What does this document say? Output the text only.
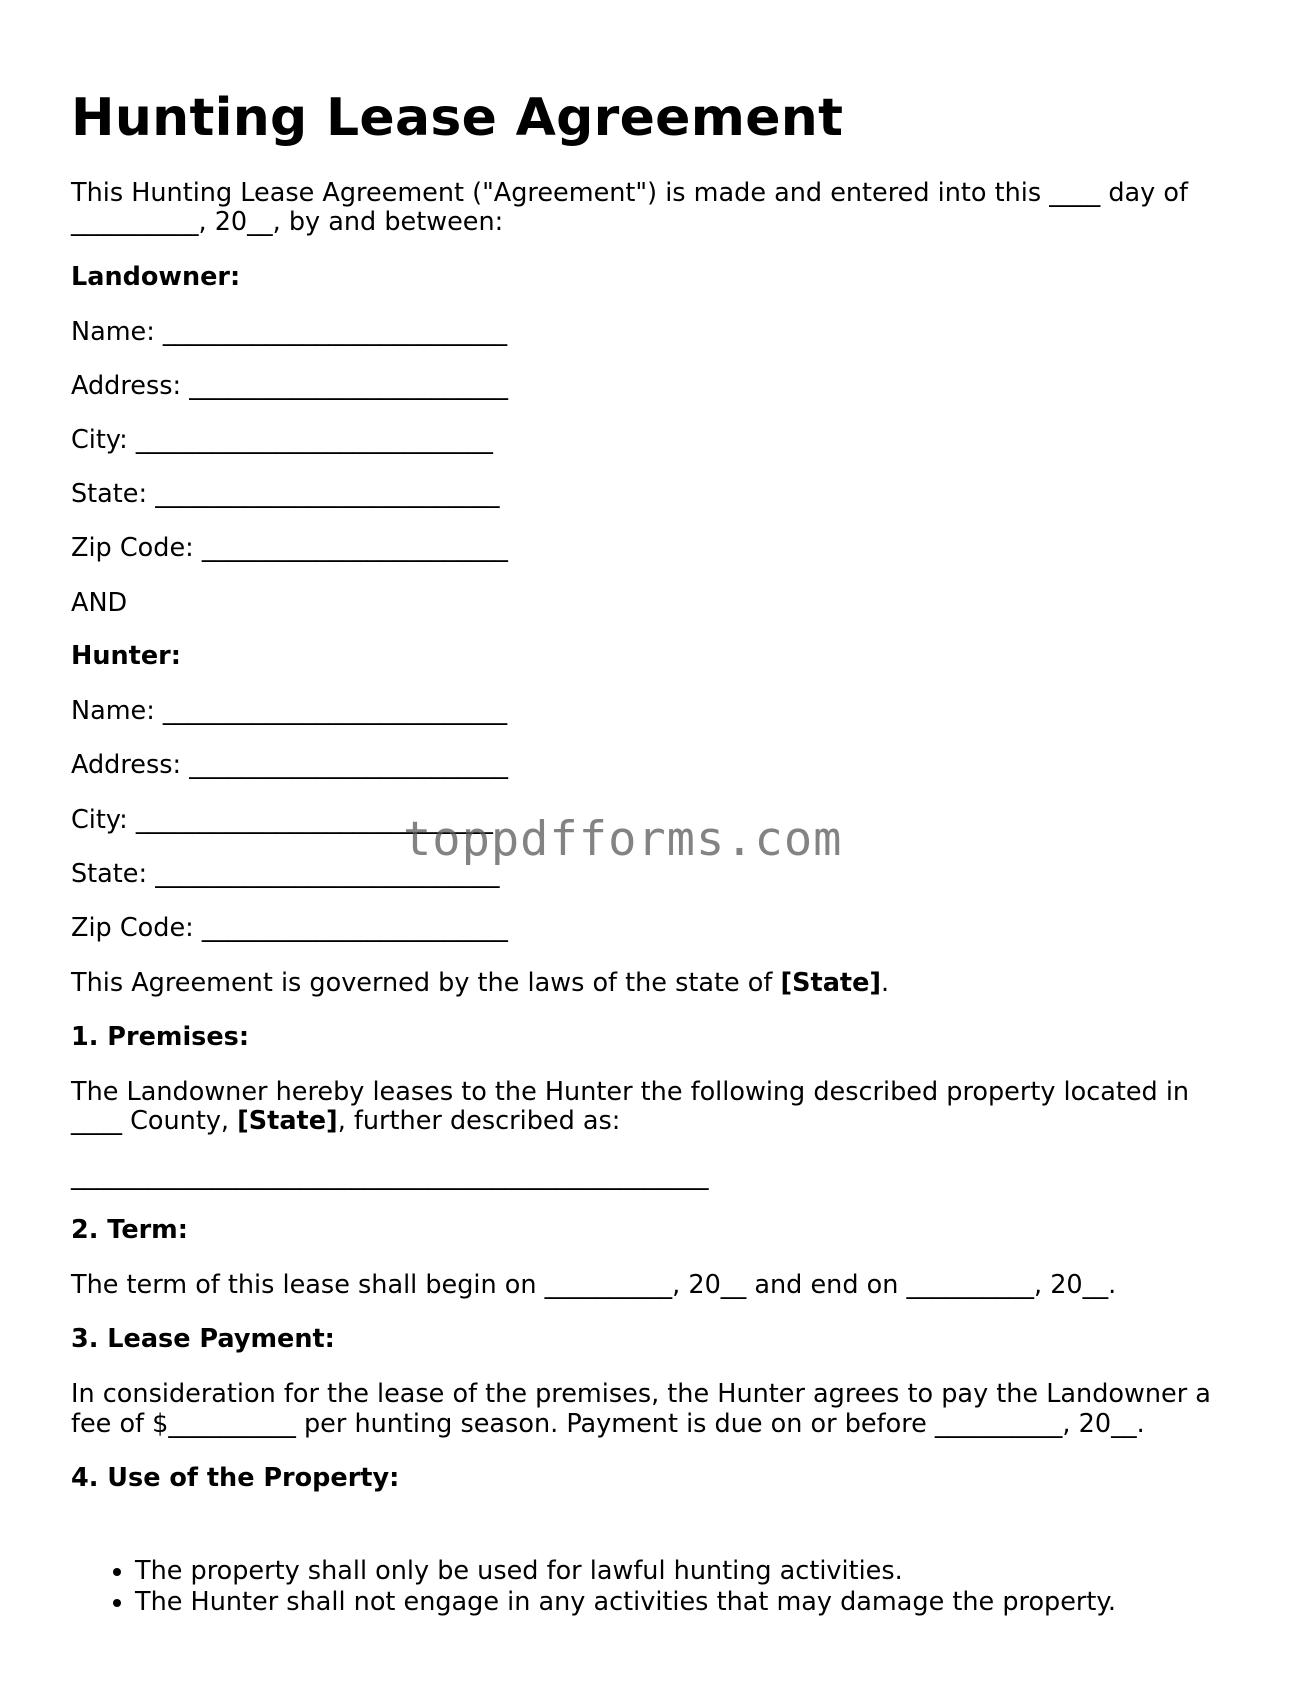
Hunting Lease Agreement

This Hunting Lease Agreement ("Agreement") is made and entered into this ____ day of

__________, 20__, by and between:

Landowner:

Name: ___________________________

Address: _________________________

City: ____________________________

State: ___________________________

Zip Code: ________________________

AND

Hunter:

Name: ___________________________

Address: _________________________

City: ____________________________

State: ___________________________

Zip Code: ________________________

This Agreement is governed by the laws of the state of [State].

1. Premises:

The Landowner hereby leases to the Hunter the following described property located in

____ County, [State], further described as:

__________________________________________________

2. Term:

The term of this lease shall begin on __________, 20__ and end on __________, 20__.

3. Lease Payment:

In consideration for the lease of the premises, the Hunter agrees to pay the Landowner a

fee of $__________ per hunting season. Payment is due on or before __________, 20__.

4. Use of the Property:

• The property shall only be used for lawful hunting activities.
• The Hunter shall not engage in any activities that may damage the property.
toppdfforms.com
